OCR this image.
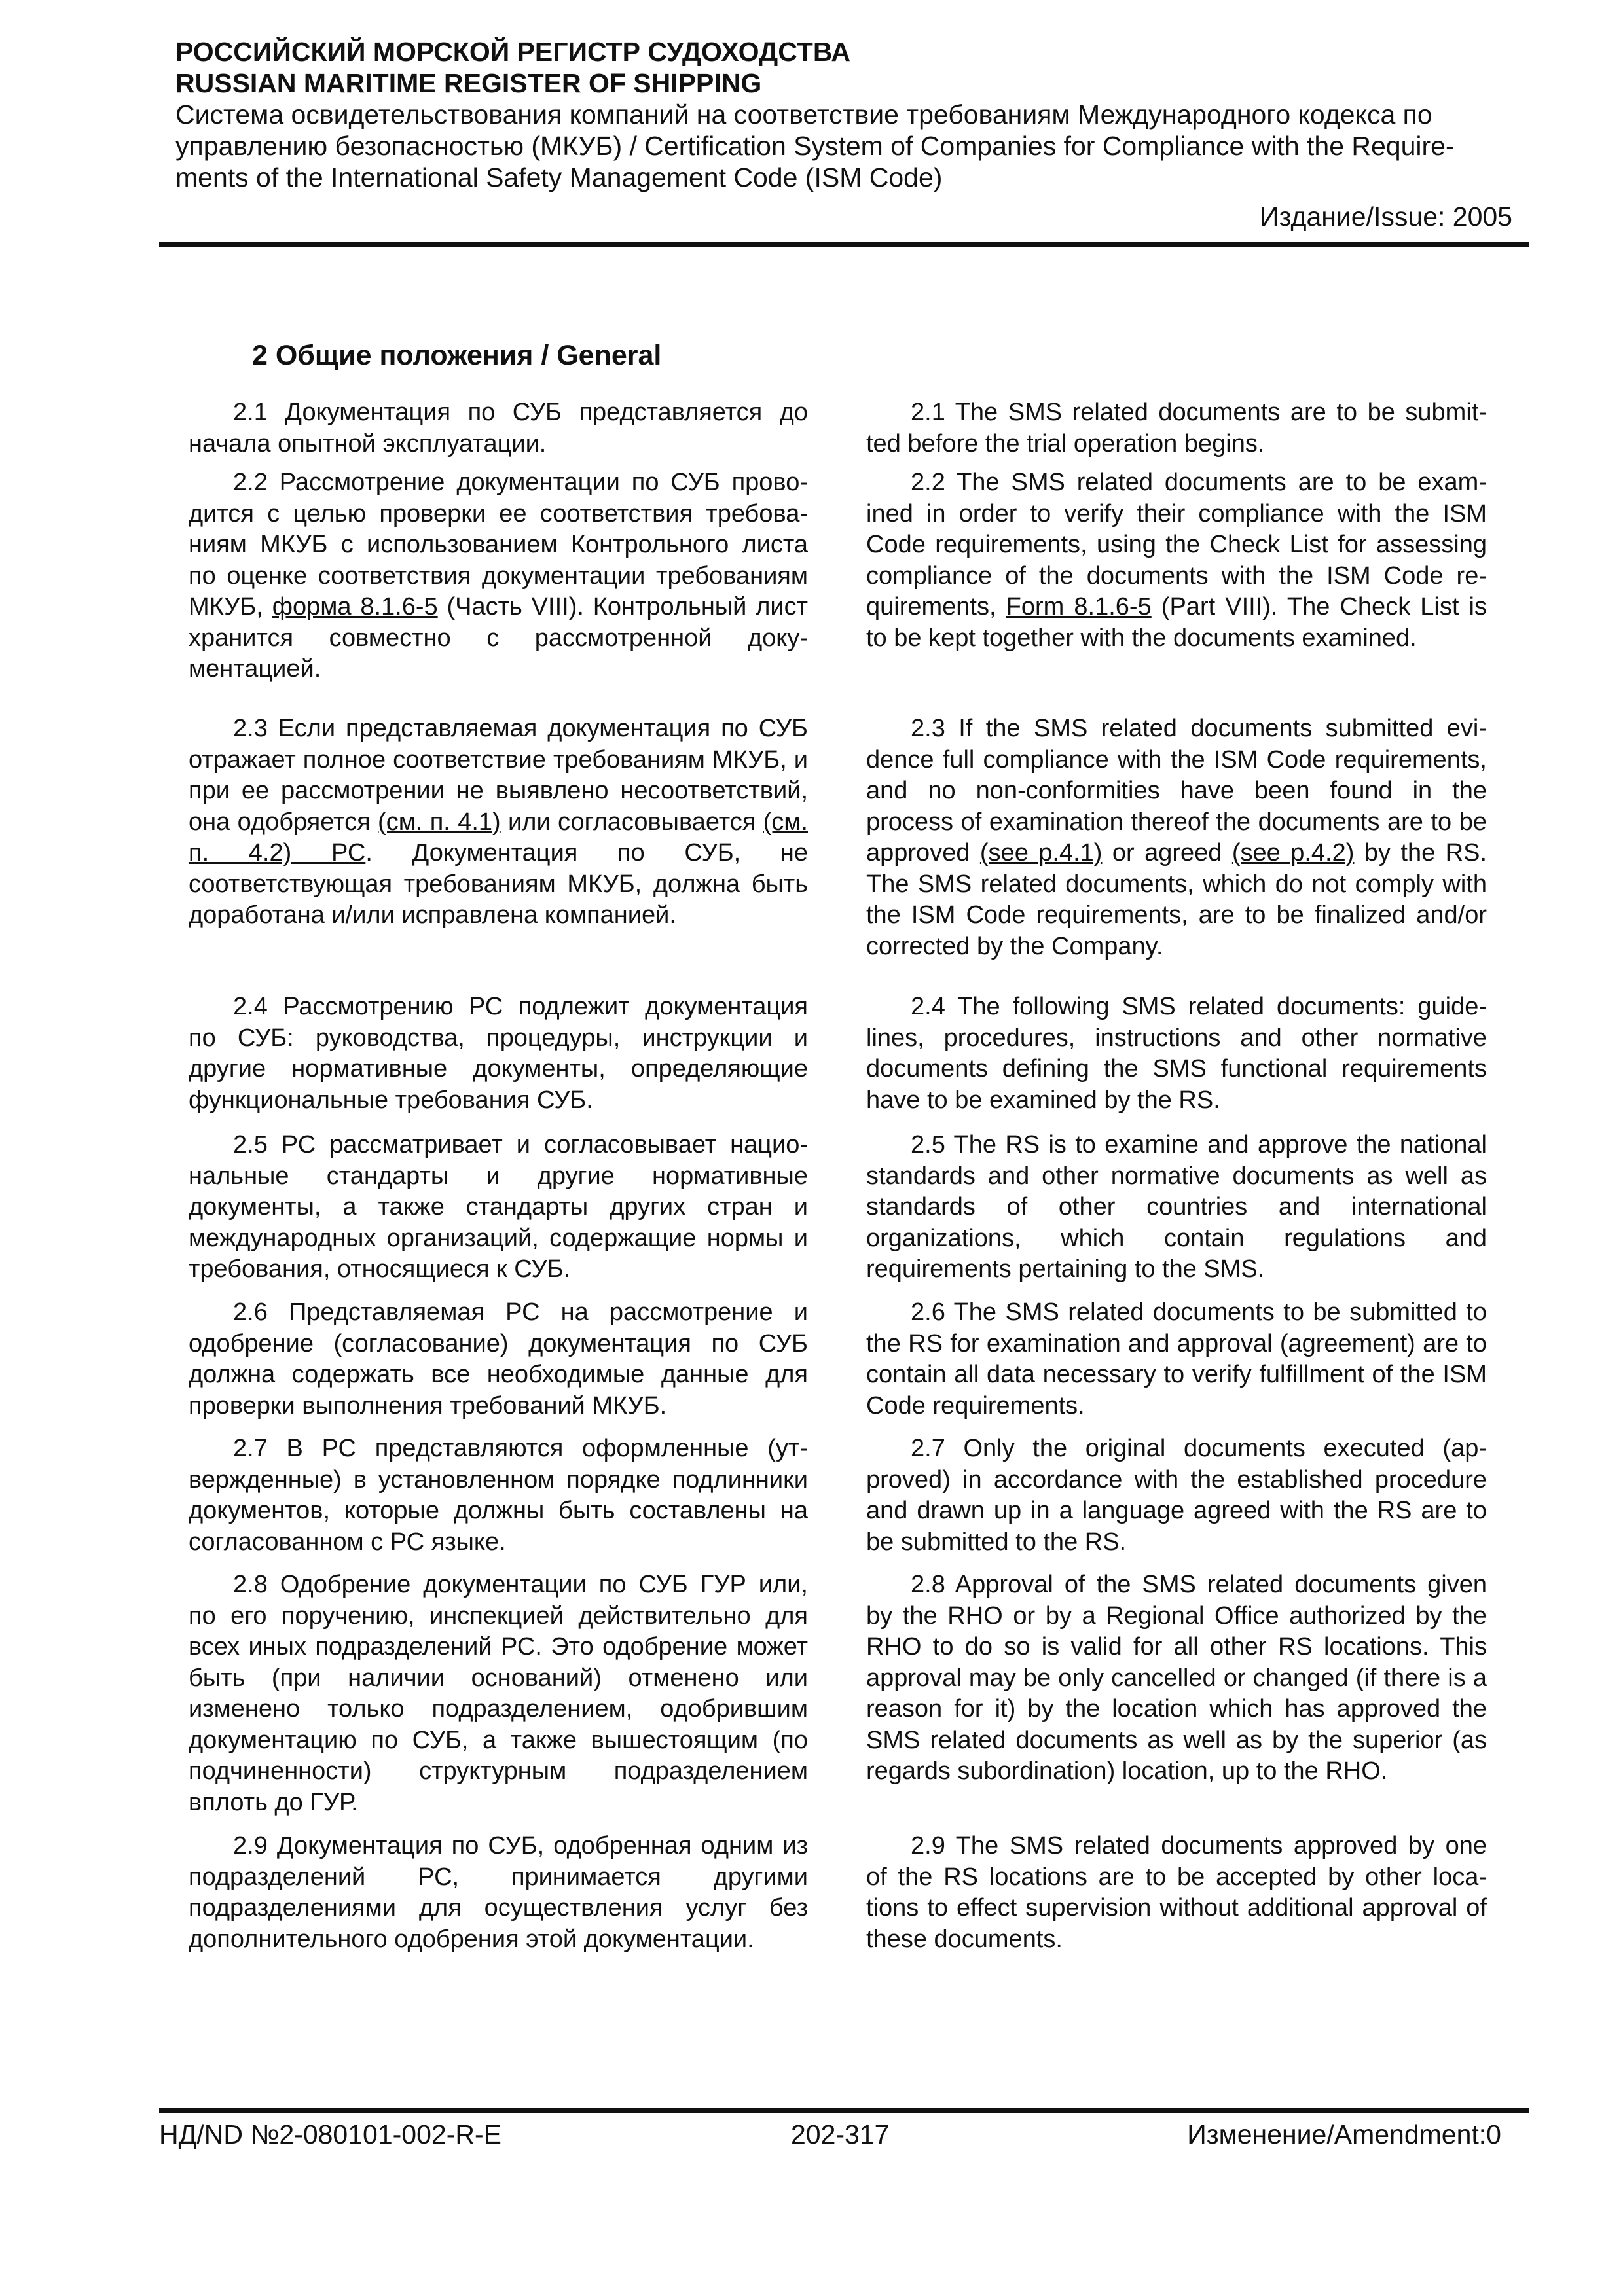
РОССИЙСКИЙ МОРСКОЙ РЕГИСТР СУДОХОДСТВА

RUSSIAN MARITIME REGISTER OF SHIPPING

Система освидетельствования компаний на соответствие требованиям Международного кодекса по

управлению безопасностью (МКУБ) / Certification System of Companies for Compliance with the Require-

ments of the International Safety Management Code (ISM Code)

Издание/Issue: 2005

2 Общие положения / General

2.1 Документация по СУБ представляется до начала опытной эксплуатации.

2.2 Рассмотрение документации по СУБ проводится с целью проверки ее соответствия требованиям МКУБ с использованием Контрольного листа по оценке соответствия документации требованиям МКУБ, форма 8.1.6-5 (Часть VIII). Контрольный лист хранится совместно с рассмотренной документацией.

2.3 Если представляемая документация по СУБ отражает полное соответствие требованиям МКУБ, и при ее рассмотрении не выявлено несоответствий, она одобряется (см. п. 4.1) или согласовывается (см. п. 4.2) РС. Документация по СУБ, не соответствующая требованиям МКУБ, должна быть доработана и/или исправлена компанией.

2.4 Рассмотрению РС подлежит документация по СУБ: руководства, процедуры, инструкции и другие нормативные документы, определяющие функциональные требования СУБ.

2.5 РС рассматривает и согласовывает национальные стандарты и другие нормативные документы, а также стандарты других стран и международных организаций, содержащие нормы и требования, относящиеся к СУБ.

2.6 Представляемая РС на рассмотрение и одобрение (согласование) документация по СУБ должна содержать все необходимые данные для проверки выполнения требований МКУБ.

2.7 В РС представляются оформленные (утвержденные) в установленном порядке подлинники документов, которые должны быть составлены на согласованном с РС языке.

2.8 Одобрение документации по СУБ ГУР или, по его поручению, инспекцией действительно для всех иных подразделений РС. Это одобрение может быть (при наличии оснований) отменено или изменено только подразделением, одобрившим документацию по СУБ, а также вышестоящим (по подчиненности) структурным подразделением вплоть до ГУР.

2.9 Документация по СУБ, одобренная одним из подразделений РС, принимается другими подразделениями для осуществления услуг без дополнительного одобрения этой документации.

2.1 The SMS related documents are to be submitted before the trial operation begins.

2.2 The SMS related documents are to be examined in order to verify their compliance with the ISM Code requirements, using the Check List for assessing compliance of the documents with the ISM Code requirements, Form 8.1.6-5 (Part VIII). The Check List is to be kept together with the documents examined.

2.3 If the SMS related documents submitted evidence full compliance with the ISM Code requirements, and no non-conformities have been found in the process of examination thereof the documents are to be approved (see p.4.1) or agreed (see p.4.2) by the RS. The SMS related documents, which do not comply with the ISM Code requirements, are to be finalized and/or corrected by the Company.

2.4 The following SMS related documents: guidelines, procedures, instructions and other normative documents defining the SMS functional requirements have to be examined by the RS.

2.5 The RS is to examine and approve the national standards and other normative documents as well as standards of other countries and international organizations, which contain regulations and requirements pertaining to the SMS.

2.6 The SMS related documents to be submitted to the RS for examination and approval (agreement) are to contain all data necessary to verify fulfillment of the ISM Code requirements.

2.7 Only the original documents executed (approved) in accordance with the established procedure and drawn up in a language agreed with the RS are to be submitted to the RS.

2.8 Approval of the SMS related documents given by the RHO or by a Regional Office authorized by the RHO to do so is valid for all other RS locations. This approval may be only cancelled or changed (if there is a reason for it) by the location which has approved the SMS related documents as well as by the superior (as regards subordination) location, up to the RHO.

2.9 The SMS related documents approved by one of the RS locations are to be accepted by other locations to effect supervision without additional approval of these documents.

НД/ND №2-080101-002-R-E	202-317	Изменение/Amendment:0
